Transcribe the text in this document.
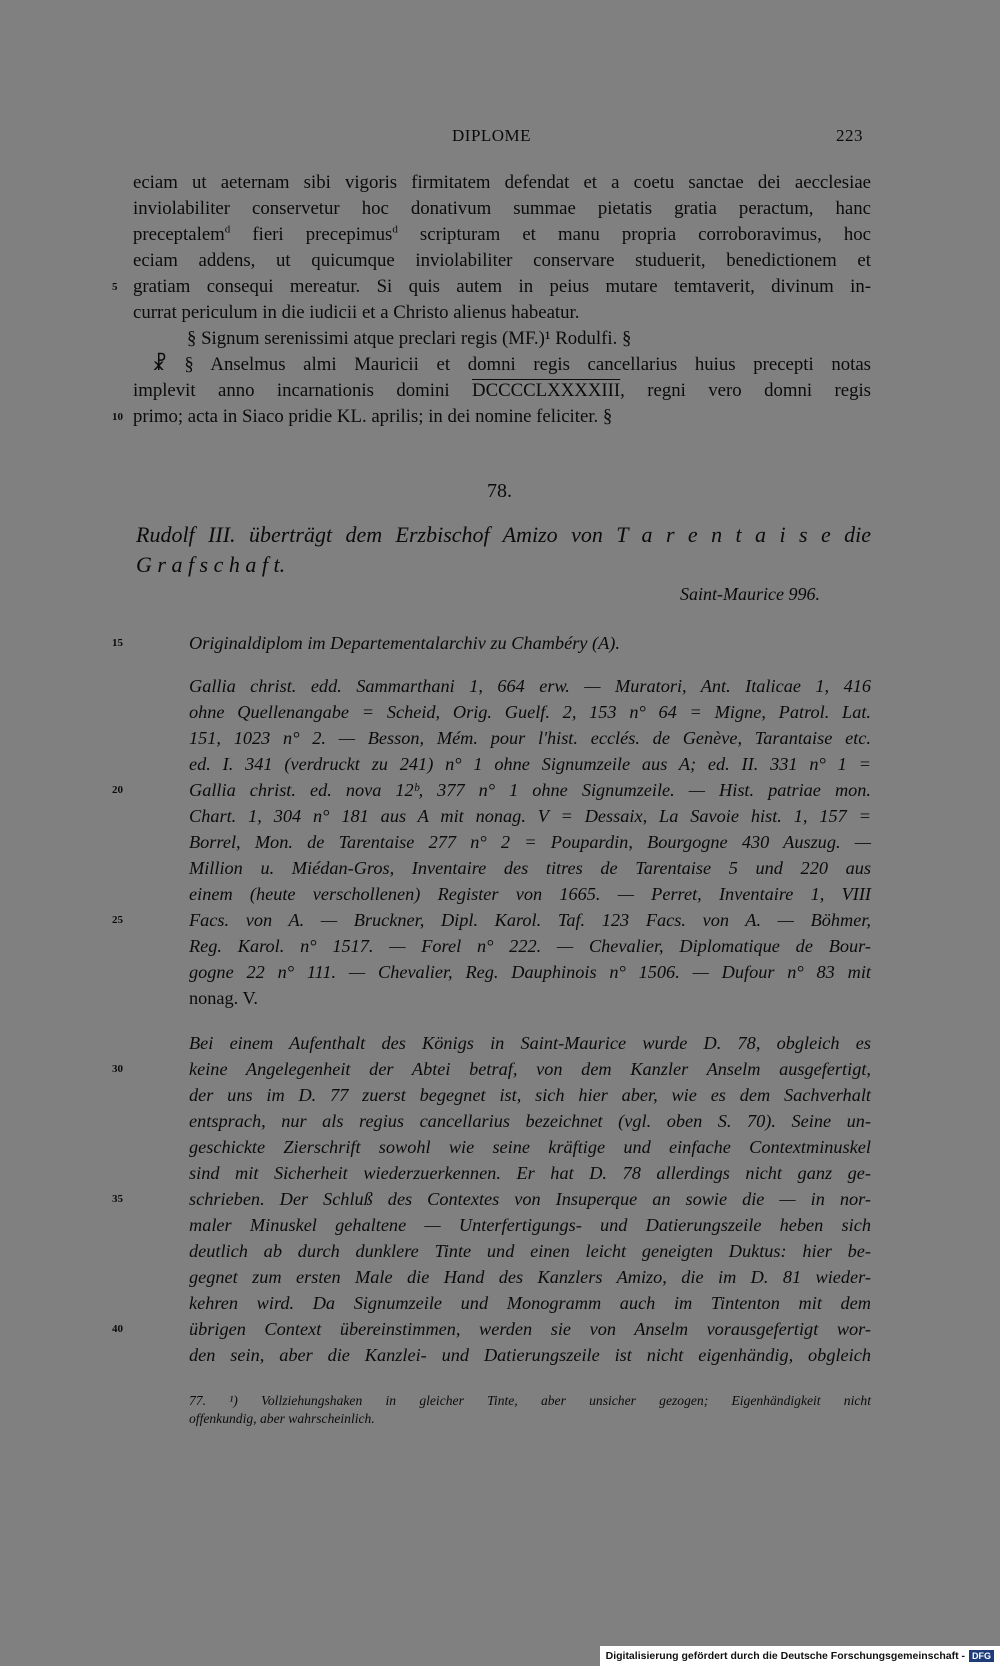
DIPLOME	223
eciam ut aeternam sibi vigoris firmitatem defendat et a coetu sanctae dei aecclesiae
inviolabiliter conservetur hoc donativum summae pietatis gratia peractum, hanc
preceptalem$^d$ fieri precepimus$^d$ scripturam et manu propria corroboravimus, hoc
eciam addens, ut quicumque inviolabiliter conservare studuerit, benedictionem et
5 gratiam consequi mereatur. Si quis autem in peius mutare temtaverit, divinum in-
currat periculum in die iudicii et a Christo alienus habeatur.
§ Signum serenissimi atque preclari regis (MF.)¹ Rodulfi. §
☧ § Anselmus almi Mauricii et domni regis cancellarius huius precepti notas
implevit anno incarnationis domini DCCCCLXXXXIII, regni vero domni regis
10 primo; acta in Siaco pridie KL. aprilis; in dei nomine feliciter. §
78.
Rudolf III. überträgt dem Erzbischof Amizo von T a r e n t a i s e die
G r a f s c h a f t.
Saint-Maurice 996.
15	Originaldiplom im Departementalarchiv zu Chambéry (A).
Gallia christ. edd. Sammarthani 1, 664 erw. — Muratori, Ant. Italicae 1, 416
ohne Quellenangabe = Scheid, Orig. Guelf. 2, 153 n° 64 = Migne, Patrol. Lat.
151, 1023 n° 2. — Besson, Mém. pour l'hist. ecclés. de Genève, Tarantaise etc.
ed. I. 341 (verdruckt zu 241) n° 1 ohne Signumzeile aus A; ed. II. 331 n° 1 =
20	Gallia christ. ed. nova 12ᵇ, 377 n° 1 ohne Signumzeile. — Hist. patriae mon.
Chart. 1, 304 n° 181 aus A mit nonag. V = Dessaix, La Savoie hist. 1, 157 =
Borrel, Mon. de Tarentaise 277 n° 2 = Poupardin, Bourgogne 430 Auszug. —
Million u. Miédan-Gros, Inventaire des titres de Tarentaise 5 und 220 aus
einem (heute verschollenen) Register von 1665. — Perret, Inventaire 1, VIII
25	Facs. von A. — Bruckner, Dipl. Karol. Taf. 123 Facs. von A. — Böhmer,
Reg. Karol. n° 1517. — Forel n° 222. — Chevalier, Diplomatique de Bour-
gogne 22 n° 111. — Chevalier, Reg. Dauphinois n° 1506. — Dufour n° 83 mit
nonag. V.
Bei einem Aufenthalt des Königs in Saint-Maurice wurde D. 78, obgleich es
30	keine Angelegenheit der Abtei betraf, von dem Kanzler Anselm ausgefertigt,
der uns im D. 77 zuerst begegnet ist, sich hier aber, wie es dem Sachverhalt
entsprach, nur als regius cancellarius bezeichnet (vgl. oben S. 70). Seine un-
geschickte Zierschrift sowohl wie seine kräftige und einfache Contextminuskel
sind mit Sicherheit wiederzuerkennen. Er hat D. 78 allerdings nicht ganz ge-
35	schrieben. Der Schluß des Contextes von Insuperque an sowie die — in nor-
maler Minuskel gehaltene — Unterfertigungs- und Datierungszeile heben sich
deutlich ab durch dunklere Tinte und einen leicht geneigten Duktus: hier be-
gegnet zum ersten Male die Hand des Kanzlers Amizo, die im D. 81 wieder-
kehren wird. Da Signumzeile und Monogramm auch im Tintenton mit dem
40	übrigen Context übereinstimmen, werden sie von Anselm vorausgefertigt wor-
den sein, aber die Kanzlei- und Datierungszeile ist nicht eigenhändig, obgleich
77. ¹) Vollziehungshaken in gleicher Tinte, aber unsicher gezogen; Eigenhändigkeit nicht
offenkundig, aber wahrscheinlich.
Digitalisierung gefördert durch die Deutsche Forschungsgemeinschaft - DFG
